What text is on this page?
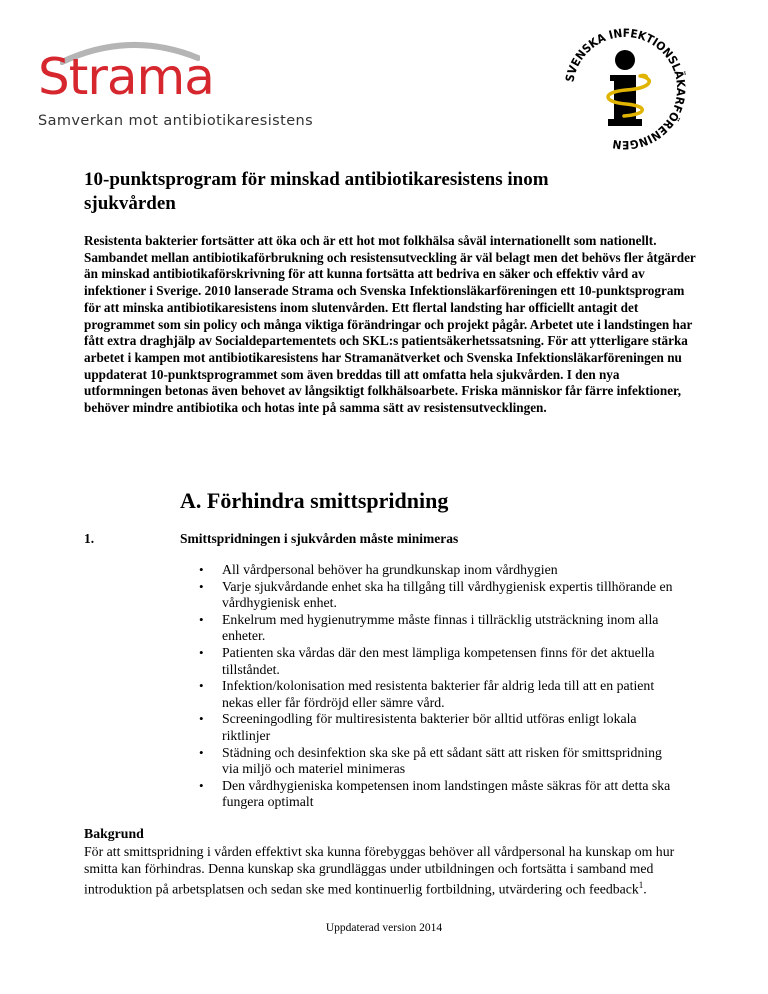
Strama
Samverkan mot antibiotikaresistens
SVENSKA INFEKTIONSLÄKARFÖRENINGEN
10-punktsprogram för minskad antibiotikaresistens inom sjukvården

Resistenta bakterier fortsätter att öka och är ett hot mot folkhälsa såväl internationellt som nationellt. Sambandet mellan antibiotikaförbrukning och resistensutveckling är väl belagt men det behövs fler åtgärder än minskad antibiotikaförskrivning för att kunna fortsätta att bedriva en säker och effektiv vård av infektioner i Sverige. 2010 lanserade Strama och Svenska Infektionsläkarföreningen ett 10-punktsprogram för att minska antibiotikaresistens inom slutenvården. Ett flertal landsting har officiellt antagit det programmet som sin policy och många viktiga förändringar och projekt pågår. Arbetet ute i landstingen har fått extra draghjälp av Socialdepartementets och SKL:s patientsäkerhetssatsning. För att ytterligare stärka arbetet i kampen mot antibiotikaresistens har Stramanätverket och Svenska Infektionsläkarföreningen nu uppdaterat 10-punktsprogrammet som även breddas till att omfatta hela sjukvården. I den nya utformningen betonas även behovet av långsiktigt folkhälsoarbete. Friska människor får färre infektioner, behöver mindre antibiotika och hotas inte på samma sätt av resistensutvecklingen.

A. Förhindra smittspridning
1.	Smittspridningen i sjukvården måste minimeras
• All vårdpersonal behöver ha grundkunskap inom vårdhygien
• Varje sjukvårdande enhet ska ha tillgång till vårdhygienisk expertis tillhörande en vårdhygienisk enhet.
• Enkelrum med hygienutrymme måste finnas i tillräcklig utsträckning inom alla enheter.
• Patienten ska vårdas där den mest lämpliga kompetensen finns för det aktuella tillståndet.
• Infektion/kolonisation med resistenta bakterier får aldrig leda till att en patient nekas eller får fördröjd eller sämre vård.
• Screeningodling för multiresistenta bakterier bör alltid utföras enligt lokala riktlinjer
• Städning och desinfektion ska ske på ett sådant sätt att risken för smittspridning via miljö och materiel minimeras
• Den vårdhygieniska kompetensen inom landstingen måste säkras för att detta ska fungera optimalt
Bakgrund

För att smittspridning i vården effektivt ska kunna förebyggas behöver all vårdpersonal ha kunskap om hur smitta kan förhindras. Denna kunskap ska grundläggas under utbildningen och fortsätta i samband med introduktion på arbetsplatsen och sedan ske med kontinuerlig fortbildning, utvärdering och feedback$^1$.

Uppdaterad version 2014
